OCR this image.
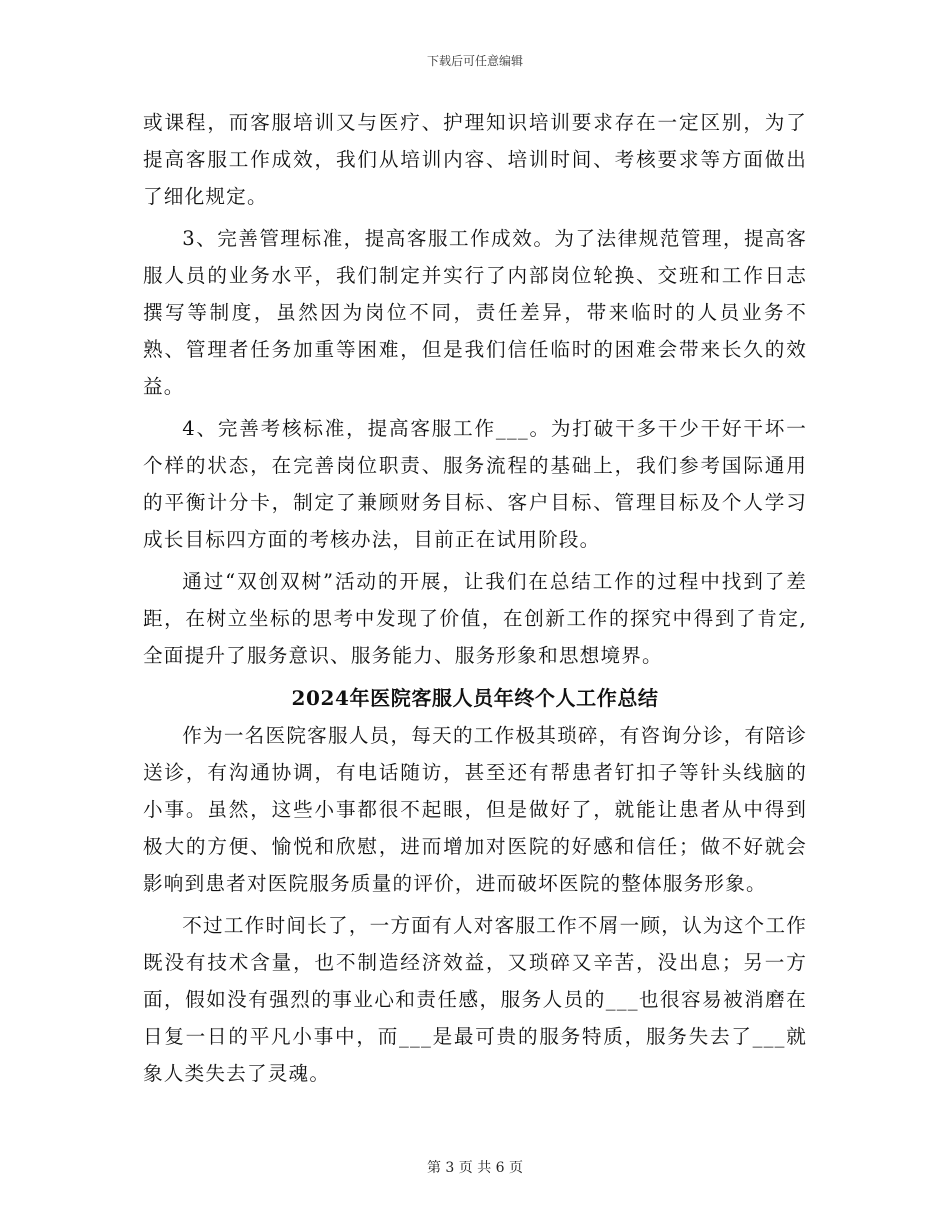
下载后可任意编辑

或课程，而客服培训又与医疗、护理知识培训要求存在一定区别，为了提高客服工作成效，我们从培训内容、培训时间、考核要求等方面做出了细化规定。

3、完善管理标准，提高客服工作成效。为了法律规范管理，提高客服人员的业务水平，我们制定并实行了内部岗位轮换、交班和工作日志撰写等制度，虽然因为岗位不同，责任差异，带来临时的人员业务不熟、管理者任务加重等困难，但是我们信任临时的困难会带来长久的效益。

4、完善考核标准，提高客服工作___。为打破干多干少干好干坏一个样的状态，在完善岗位职责、服务流程的基础上，我们参考国际通用的平衡计分卡，制定了兼顾财务目标、客户目标、管理目标及个人学习成长目标四方面的考核办法，目前正在试用阶段。

通过“双创双树”活动的开展，让我们在总结工作的过程中找到了差距，在树立坐标的思考中发现了价值，在创新工作的探究中得到了肯定,全面提升了服务意识、服务能力、服务形象和思想境界。

2024年医院客服人员年终个人工作总结

作为一名医院客服人员，每天的工作极其琐碎，有咨询分诊，有陪诊送诊，有沟通协调，有电话随访，甚至还有帮患者钉扣子等针头线脑的小事。虽然，这些小事都很不起眼，但是做好了，就能让患者从中得到极大的方便、愉悦和欣慰，进而增加对医院的好感和信任；做不好就会影响到患者对医院服务质量的评价，进而破坏医院的整体服务形象。

不过工作时间长了，一方面有人对客服工作不屑一顾，认为这个工作既没有技术含量，也不制造经济效益，又琐碎又辛苦，没出息；另一方面，假如没有强烈的事业心和责任感，服务人员的___也很容易被消磨在日复一日的平凡小事中，而___是最可贵的服务特质，服务失去了___就象人类失去了灵魂。

第 3 页 共 6 页
